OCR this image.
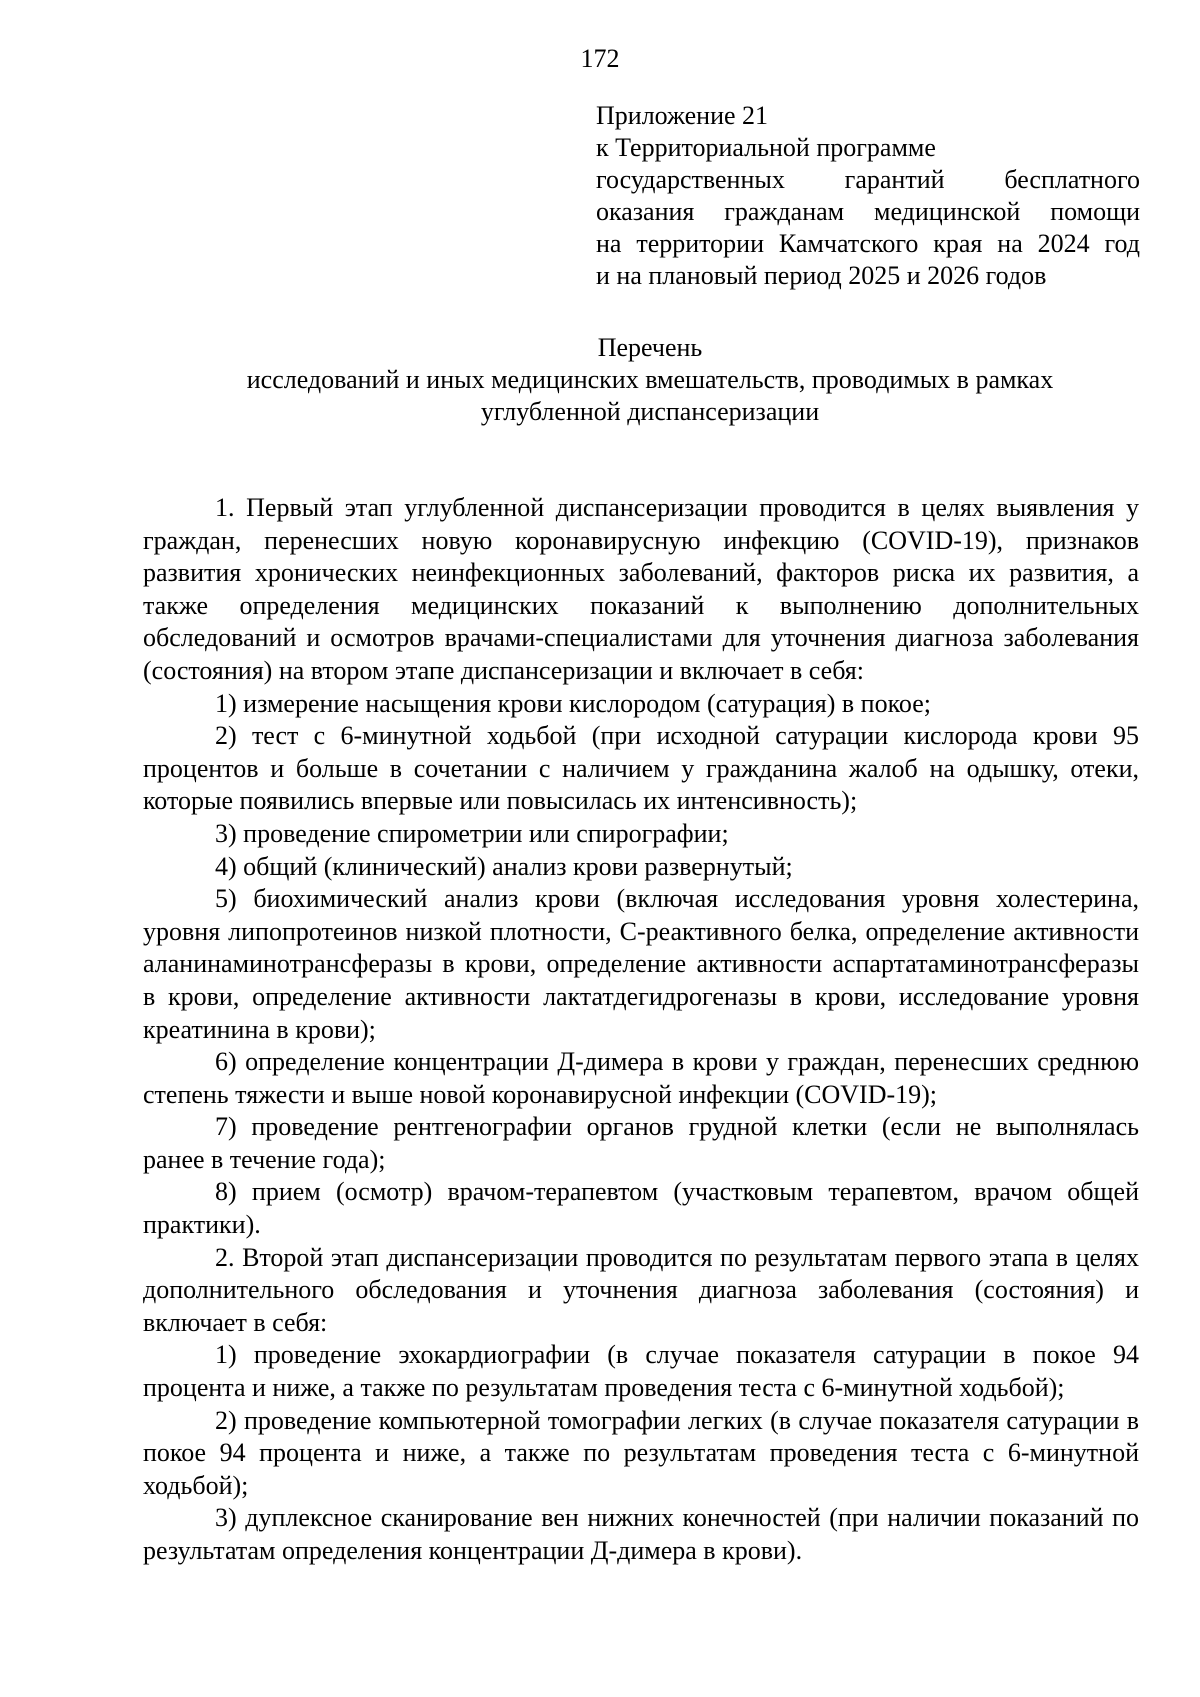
172
Приложение 21
к Территориальной программе
государственных гарантий бесплатного
оказания гражданам медицинской помощи
на территории Камчатского края на 2024 год
и на плановый период 2025 и 2026 годов
Перечень
исследований и иных медицинских вмешательств, проводимых в рамках
углубленной диспансеризации

1. Первый этап углубленной диспансеризации проводится в целях выявления у граждан, перенесших новую коронавирусную инфекцию (COVID-19), признаков развития хронических неинфекционных заболеваний, факторов риска их развития, а также определения медицинских показаний к выполнению дополнительных обследований и осмотров врачами-специалистами для уточнения диагноза заболевания (состояния) на втором этапе диспансеризации и включает в себя:

1) измерение насыщения крови кислородом (сатурация) в покое;

2) тест с 6-минутной ходьбой (при исходной сатурации кислорода крови 95 процентов и больше в сочетании с наличием у гражданина жалоб на одышку, отеки, которые появились впервые или повысилась их интенсивность);

3) проведение спирометрии или спирографии;

4) общий (клинический) анализ крови развернутый;

5) биохимический анализ крови (включая исследования уровня холестерина, уровня липопротеинов низкой плотности, С-реактивного белка, определение активности аланинаминотрансферазы в крови, определение активности аспартатаминотрансферазы в крови, определение активности лактатдегидрогеназы в крови, исследование уровня креатинина в крови);

6) определение концентрации Д-димера в крови у граждан, перенесших среднюю степень тяжести и выше новой коронавирусной инфекции (COVID-19);

7) проведение рентгенографии органов грудной клетки (если не выполнялась ранее в течение года);

8) прием (осмотр) врачом-терапевтом (участковым терапевтом, врачом общей практики).

2. Второй этап диспансеризации проводится по результатам первого этапа в целях дополнительного обследования и уточнения диагноза заболевания (состояния) и включает в себя:

1) проведение эхокардиографии (в случае показателя сатурации в покое 94 процента и ниже, а также по результатам проведения теста с 6-минутной ходьбой);

2) проведение компьютерной томографии легких (в случае показателя сатурации в покое 94 процента и ниже, а также по результатам проведения теста с 6-минутной ходьбой);

3) дуплексное сканирование вен нижних конечностей (при наличии показаний по результатам определения концентрации Д-димера в крови).
